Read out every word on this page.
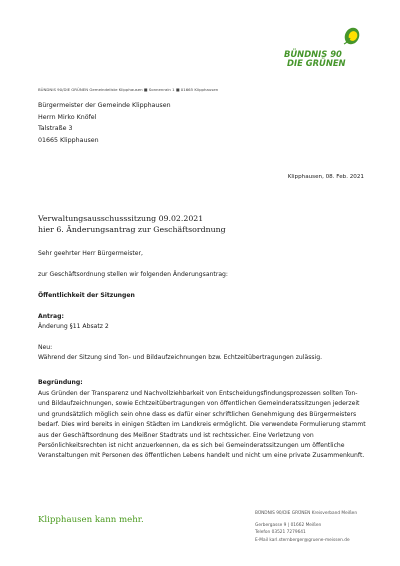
BÜNDNIS 90
DIE GRÜNEN
BÜNDNIS 90/DIE GRÜNEN Gemeindeliste Klipphausen ■ Sonnenrain 1 ■ 01665 Klipphausen
Bürgermeister der Gemeinde Klipphausen
Herrn Mirko Knöfel
Talstraße 3
01665 Klipphausen
Klipphausen, 08. Feb. 2021
Verwaltungsausschusssitzung 09.02.2021
hier 6. Änderungsantrag zur Geschäftsordnung
Sehr geehrter Herr Bürgermeister,
zur Geschäftsordnung stellen wir folgenden Änderungsantrag:
Öffentlichkeit der Sitzungen
Antrag:
Änderung §11 Absatz 2
Neu:
Während der Sitzung sind Ton- und Bildaufzeichnungen bzw. Echtzeitübertragungen zulässig.
Begründung:
Aus Gründen der Transparenz und Nachvollziehbarkeit von Entscheidungsfindungsprozessen sollten Ton- und Bildaufzeichnungen, sowie Echtzeitübertragungen von öffentlichen Gemeinderatssitzungen jederzeit und grundsätzlich möglich sein ohne dass es dafür einer schriftlichen Genehmigung des Bürgermeisters bedarf. Dies wird bereits in einigen Städten im Landkreis ermöglicht. Die verwendete Formulierung stammt aus der Geschäftsordnung des Meißner Stadtrats und ist rechtssicher. Eine Verletzung von Persönlichkeitsrechten ist nicht anzuerkennen, da es sich bei Gemeinderatssitzungen um öffentliche Veranstaltungen mit Personen des öffentlichen Lebens handelt und nicht um eine private Zusammenkunft.
Klipphausen kann mehr.
BÜNDNIS 90/DIE GRÜNEN Kreisverband Meißen
Gerbergasse 9 | 01662 Meißen
Telefon 03521 7279641
E-Mail karl.sternberger@gruene-meissen.de
